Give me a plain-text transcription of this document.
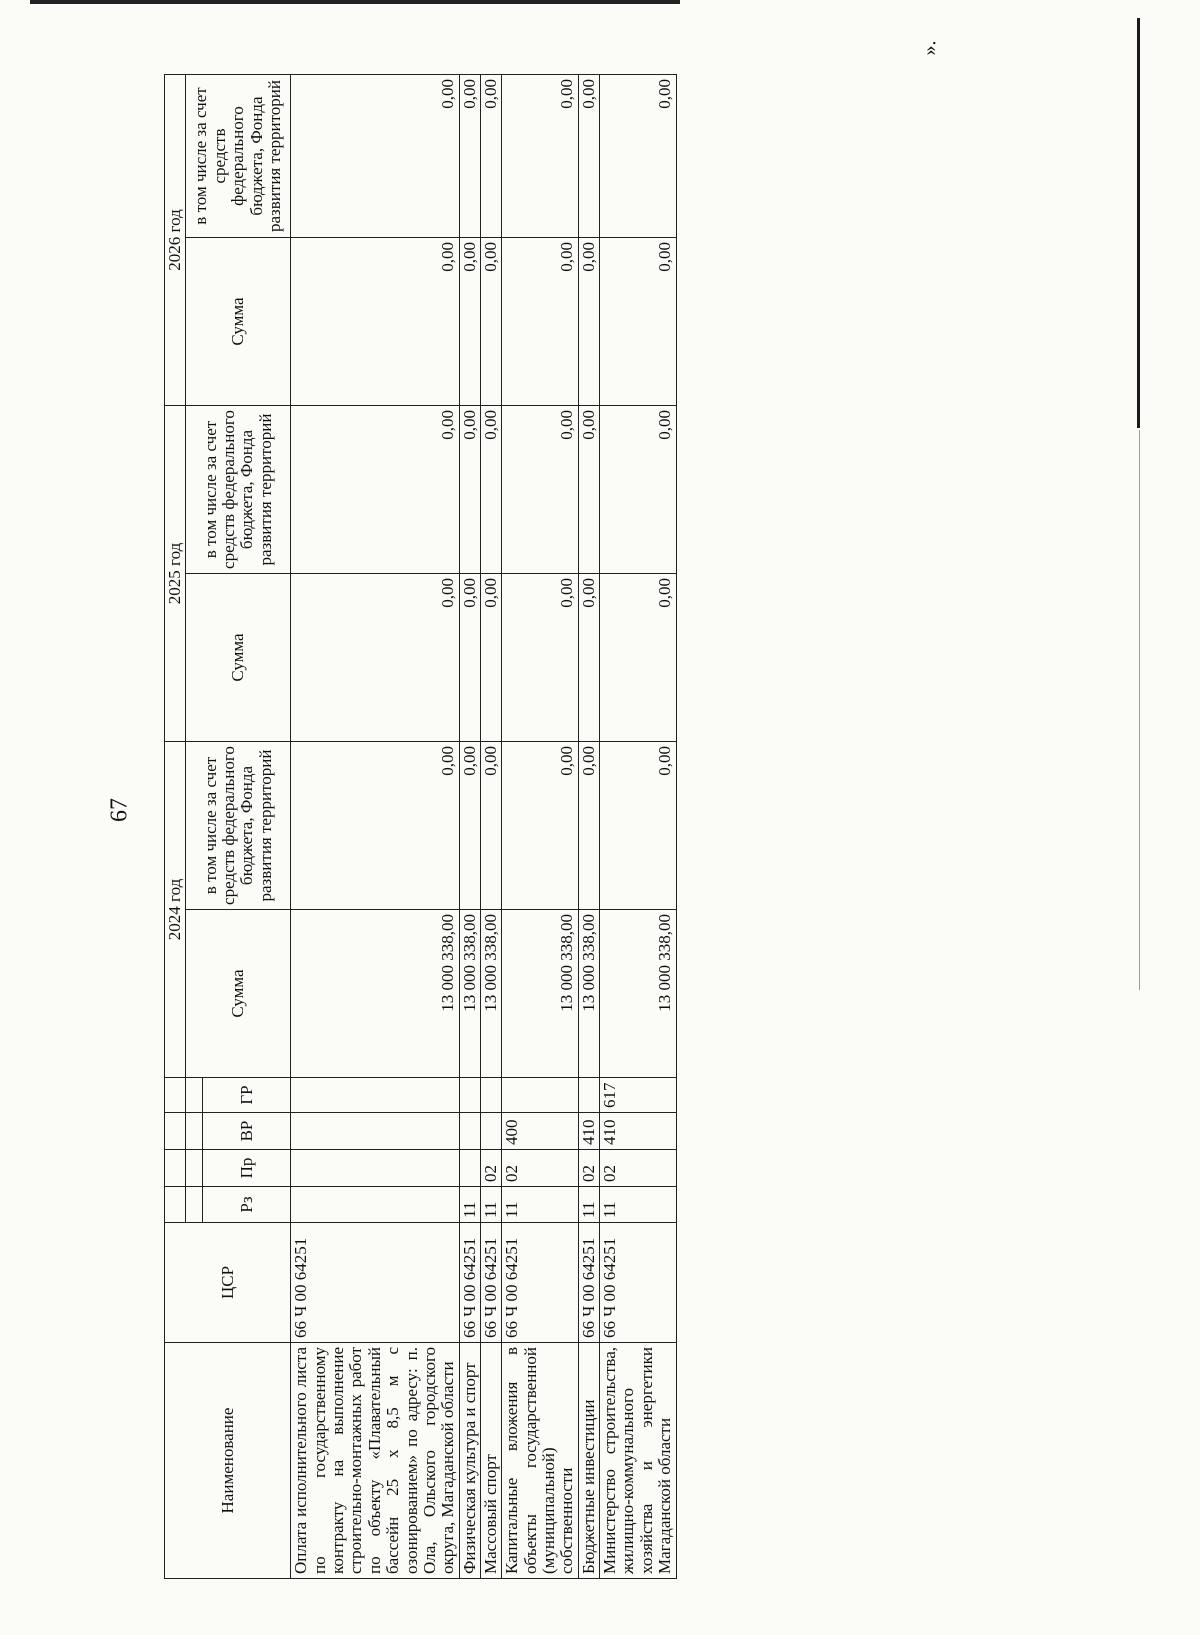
67
».
Наименование	ЦСР					2024 год		2025 год		2026 год	
						Сумма	в том числе за счет средств федерального бюджета, Фонда развития территорий	Сумма	в том числе за счет средств федерального бюджета, Фонда развития территорий	Сумма	в том числе за счет средств федерального бюджета, Фонда развития территорий
		Рз	Пр	ВР	ГР						
Оплата исполнительного листа по государственному контракту на выполнение строительно-монтажных работ по объекту «Плавательный бассейн 25 х 8,5 м с озонированием» по адресу: п. Ола, Ольского городского округа, Магаданской области	66 Ч 00 64251					13 000 338,00	0,00	0,00	0,00	0,00	0,00
Физическая культура и спорт	66 Ч 00 64251	11				13 000 338,00	0,00	0,00	0,00	0,00	0,00
Массовый спорт	66 Ч 00 64251	11	02			13 000 338,00	0,00	0,00	0,00	0,00	0,00
Капитальные вложения в объекты государственной (муниципальной) собственности	66 Ч 00 64251	11	02	400		13 000 338,00	0,00	0,00	0,00	0,00	0,00
Бюджетные инвестиции	66 Ч 00 64251	11	02	410		13 000 338,00	0,00	0,00	0,00	0,00	0,00
Министерство строительства, жилищно-коммунального хозяйства и энергетики Магаданской области	66 Ч 00 64251	11	02	410	617	13 000 338,00	0,00	0,00	0,00	0,00	0,00
